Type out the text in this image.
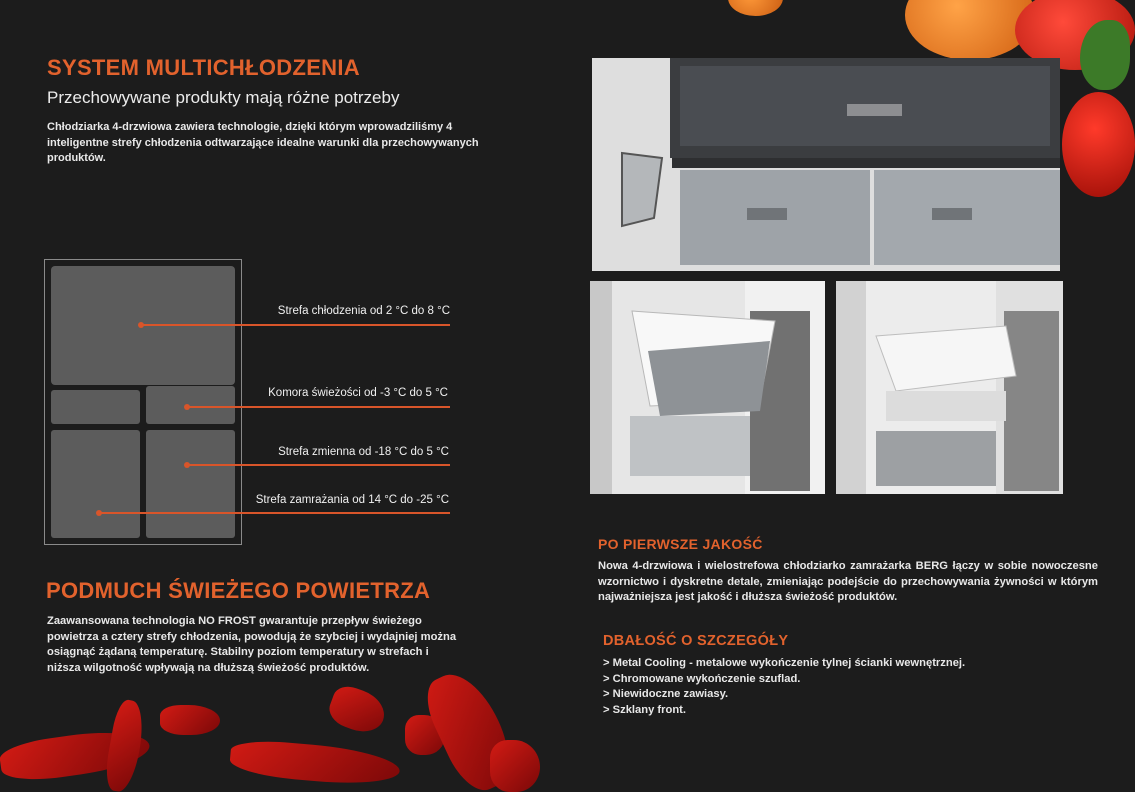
SYSTEM MULTICHŁODZENIA
Przechowywane produkty mają różne potrzeby
Chłodziarka 4-drzwiowa zawiera technologie, dzięki którym wprowadziliśmy 4 inteligentne strefy chłodzenia odtwarzające idealne warunki dla przechowywanych produktów.
Strefa chłodzenia od 2 °C do 8 °C
Komora świeżości od -3 °C do 5 °C
Strefa zmienna od -18 °C do 5 °C
Strefa zamrażania od 14 °C do -25 °C
PODMUCH ŚWIEŻEGO POWIETRZA
Zaawansowana technologia NO FROST gwarantuje przepływ świeżego powietrza a cztery strefy chłodzenia, powodują że szybciej i wydajniej można osiągnąć żądaną temperaturę. Stabilny poziom temperatury w strefach i niższa wilgotność wpływają na dłuższą świeżość produktów.
PO PIERWSZE JAKOŚĆ
Nowa 4-drzwiowa i wielostrefowa chłodziarko zamrażarka BERG łączy w sobie nowoczesne wzornictwo i dyskretne detale, zmieniając podejście do przechowywania żywności w którym najważniejsza jest jakość i dłuższa świeżość produktów.
DBAŁOŚĆ O SZCZEGÓŁY
> Metal Cooling - metalowe wykończenie tylnej ścianki wewnętrznej.
> Chromowane wykończenie szuflad.
> Niewidoczne zawiasy.
> Szklany front.
